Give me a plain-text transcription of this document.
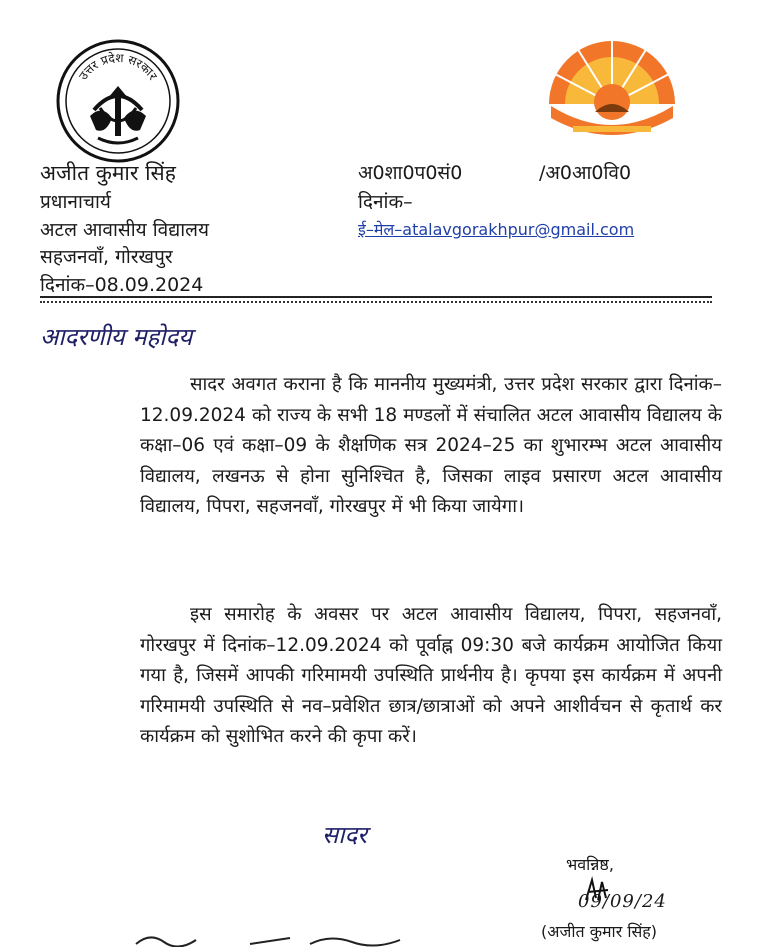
उत्तर प्रदेश सरकार
अजीत कुमार सिंह
प्रधानाचार्य
अटल आवासीय विद्यालय
सहजनवाँ, गोरखपुर
दिनांक–08.09.2024
अ0शा0प0सं0	/अ0आ0वि0
दिनांक–
ई–मेल–atalavgorakhpur@gmail.com
आदरणीय महोदय
सादर अवगत कराना है कि माननीय मुख्यमंत्री, उत्तर प्रदेश सरकार द्वारा दिनांक– 12.09.2024 को राज्य के सभी 18 मण्डलों में संचालित अटल आवासीय विद्यालय के कक्षा–06 एवं कक्षा–09 के शैक्षणिक सत्र 2024–25 का शुभारम्भ अटल आवासीय विद्यालय, लखनऊ से होना सुनिश्चित है, जिसका लाइव प्रसारण अटल आवासीय विद्यालय, पिपरा, सहजनवाँ, गोरखपुर में भी किया जायेगा।
इस समारोह के अवसर पर अटल आवासीय विद्यालय, पिपरा, सहजनवाँ, गोरखपुर में दिनांक–12.09.2024 को पूर्वाह्न 09:30 बजे कार्यक्रम आयोजित किया गया है, जिसमें आपकी गरिमामयी उपस्थिति प्रार्थनीय है। कृपया इस कार्यक्रम में अपनी गरिमामयी उपस्थिति से नव–प्रवेशित छात्र/छात्राओं को अपने आशीर्वचन से कृतार्थ कर कार्यक्रम को सुशोभित करने की कृपा करें।
सादर
भवन्निष्ठ,
09/09/24
(अजीत कुमार सिंह)
